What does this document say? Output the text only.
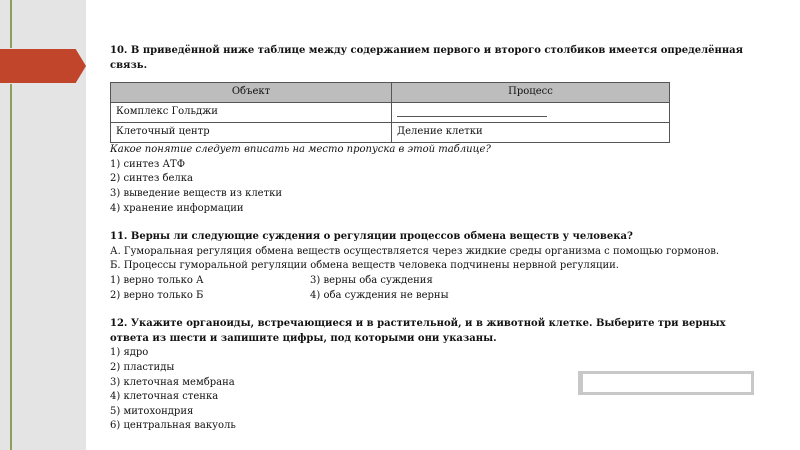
10. В приведённой ниже таблице между содержанием первого и второго столбиков имеется определённая связь.

Объект	Процесс
Комплекс Гольджи	
Клеточный центр	Деление клетки

Какое понятие следует вписать на место пропуска в этой таблице?

1) синтез АТФ

2) синтез белка

3) выведение веществ из клетки

4) хранение информации

11. Верны ли следующие суждения о регуляции процессов обмена веществ у человека?

А. Гуморальная регуляция обмена веществ осуществляется через жидкие среды организма с помощью гормонов.

Б. Процессы гуморальной регуляции обмена веществ человека подчинены нервной регуляции.

1) верно только А	3) верны оба суждения
2) верно только Б	4) оба суждения не верны

12. Укажите органоиды, встречающиеся и в растительной, и в животной клетке. Выберите три верных ответа из шести и запишите цифры, под которыми они указаны.

1) ядро

2) пластиды

3) клеточная мембрана

4) клеточная стенка

5) митохондрия

6) центральная вакуоль
